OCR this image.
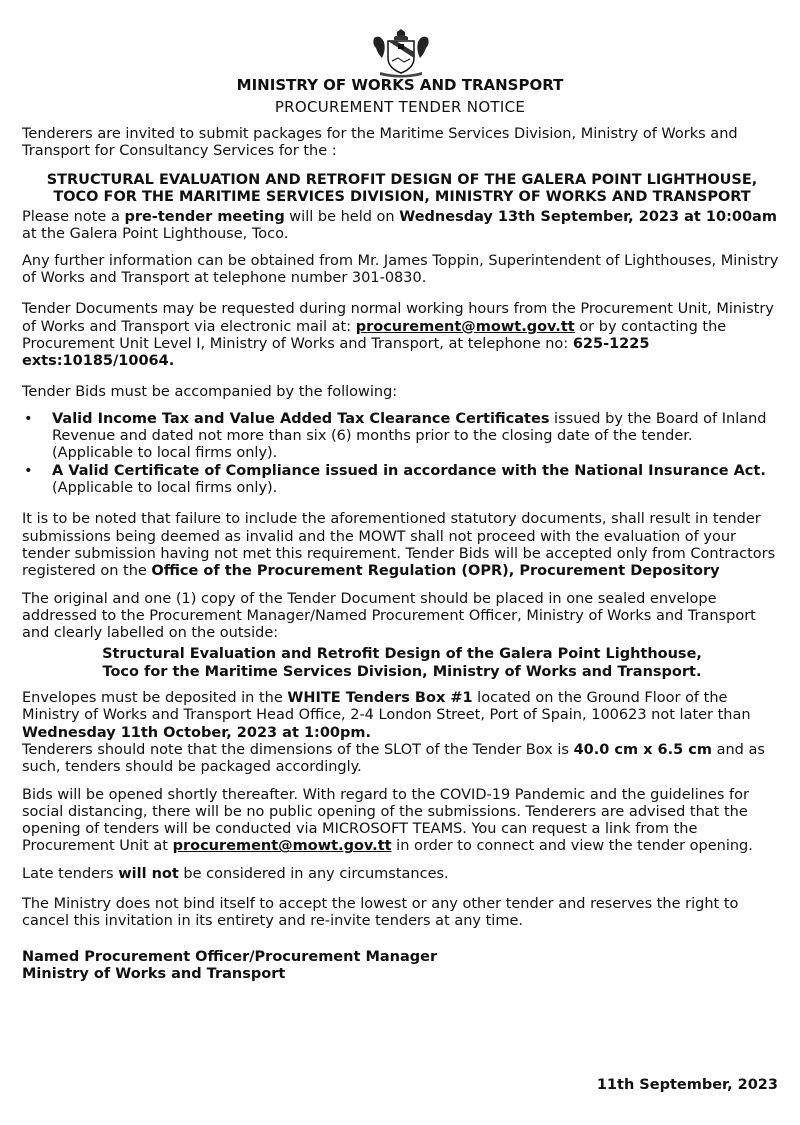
MINISTRY OF WORKS AND TRANSPORT
PROCUREMENT TENDER NOTICE

Tenderers are invited to submit packages for the Maritime Services Division, Ministry of Works and Transport for Consultancy Services for the :

STRUCTURAL EVALUATION AND RETROFIT DESIGN OF THE GALERA POINT LIGHTHOUSE,
TOCO FOR THE MARITIME SERVICES DIVISION, MINISTRY OF WORKS AND TRANSPORT

Please note a pre-tender meeting will be held on Wednesday 13th September, 2023 at 10:00am at the Galera Point Lighthouse, Toco.

Any further information can be obtained from Mr. James Toppin, Superintendent of Lighthouses, Ministry of Works and Transport at telephone number 301-0830.

Tender Documents may be requested during normal working hours from the Procurement Unit, Ministry of Works and Transport via electronic mail at: procurement@mowt.gov.tt or by contacting the Procurement Unit Level I, Ministry of Works and Transport, at telephone no: 625-1225 exts:10185/10064.

Tender Bids must be accompanied by the following:

• Valid Income Tax and Value Added Tax Clearance Certificates issued by the Board of Inland Revenue and dated not more than six (6) months prior to the closing date of the tender.
(Applicable to local firms only).
• A Valid Certificate of Compliance issued in accordance with the National Insurance Act.
(Applicable to local firms only).

It is to be noted that failure to include the aforementioned statutory documents, shall result in tender submissions being deemed as invalid and the MOWT shall not proceed with the evaluation of your tender submission having not met this requirement. Tender Bids will be accepted only from Contractors registered on the Office of the Procurement Regulation (OPR), Procurement Depository

The original and one (1) copy of the Tender Document should be placed in one sealed envelope addressed to the Procurement Manager/Named Procurement Officer, Ministry of Works and Transport and clearly labelled on the outside:

Structural Evaluation and Retrofit Design of the Galera Point Lighthouse,
Toco for the Maritime Services Division, Ministry of Works and Transport.

Envelopes must be deposited in the WHITE Tenders Box #1 located on the Ground Floor of the Ministry of Works and Transport Head Office, 2-4 London Street, Port of Spain, 100623 not later than Wednesday 11th October, 2023 at 1:00pm.
Tenderers should note that the dimensions of the SLOT of the Tender Box is 40.0 cm x 6.5 cm and as such, tenders should be packaged accordingly.

Bids will be opened shortly thereafter. With regard to the COVID-19 Pandemic and the guidelines for social distancing, there will be no public opening of the submissions. Tenderers are advised that the opening of tenders will be conducted via MICROSOFT TEAMS. You can request a link from the Procurement Unit at procurement@mowt.gov.tt in order to connect and view the tender opening.

Late tenders will not be considered in any circumstances.

The Ministry does not bind itself to accept the lowest or any other tender and reserves the right to cancel this invitation in its entirety and re-invite tenders at any time.

Named Procurement Officer/Procurement Manager
Ministry of Works and Transport

11th September, 2023
